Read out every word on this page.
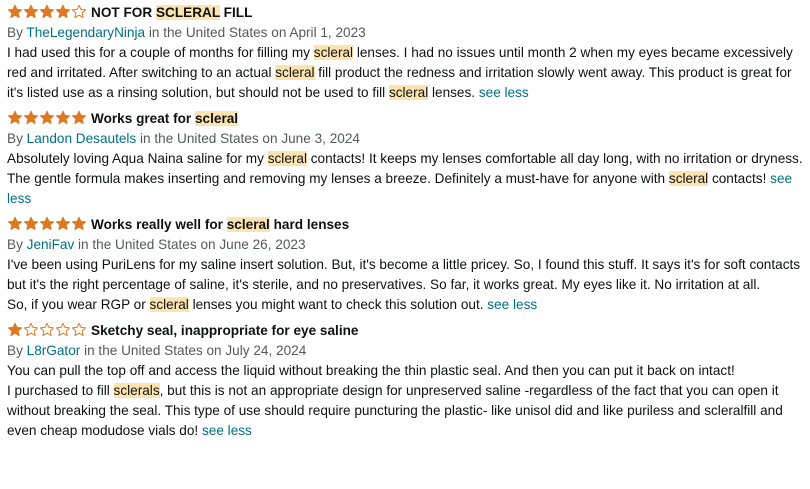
NOT FOR SCLERAL FILL
By TheLegendaryNinja in the United States on April 1, 2023

I had used this for a couple of months for filling my scleral lenses. I had no issues until month 2 when my eyes became excessively red and irritated. After switching to an actual scleral fill product the redness and irritation slowly went away. This product is great for it's listed use as a rinsing solution, but should not be used to fill scleral lenses. see less

Works great for scleral
By Landon Desautels in the United States on June 3, 2024

Absolutely loving Aqua Naina saline for my scleral contacts! It keeps my lenses comfortable all day long, with no irritation or dryness. The gentle formula makes inserting and removing my lenses a breeze. Definitely a must-have for anyone with scleral contacts! see less

Works really well for scleral hard lenses
By JeniFav in the United States on June 26, 2023

I've been using PuriLens for my saline insert solution. But, it's become a little pricey. So, I found this stuff. It says it's for soft contacts but it's the right percentage of saline, it's sterile, and no preservatives. So far, it works great. My eyes like it. No irritation at all.

So, if you wear RGP or scleral lenses you might want to check this solution out. see less

Sketchy seal, inappropriate for eye saline
By L8rGator in the United States on July 24, 2024

You can pull the top off and access the liquid without breaking the thin plastic seal. And then you can put it back on intact!

I purchased to fill sclerals, but this is not an appropriate design for unpreserved saline -regardless of the fact that you can open it without breaking the seal. This type of use should require puncturing the plastic- like unisol did and like puriless and scleralfill and even cheap modudose vials do! see less
